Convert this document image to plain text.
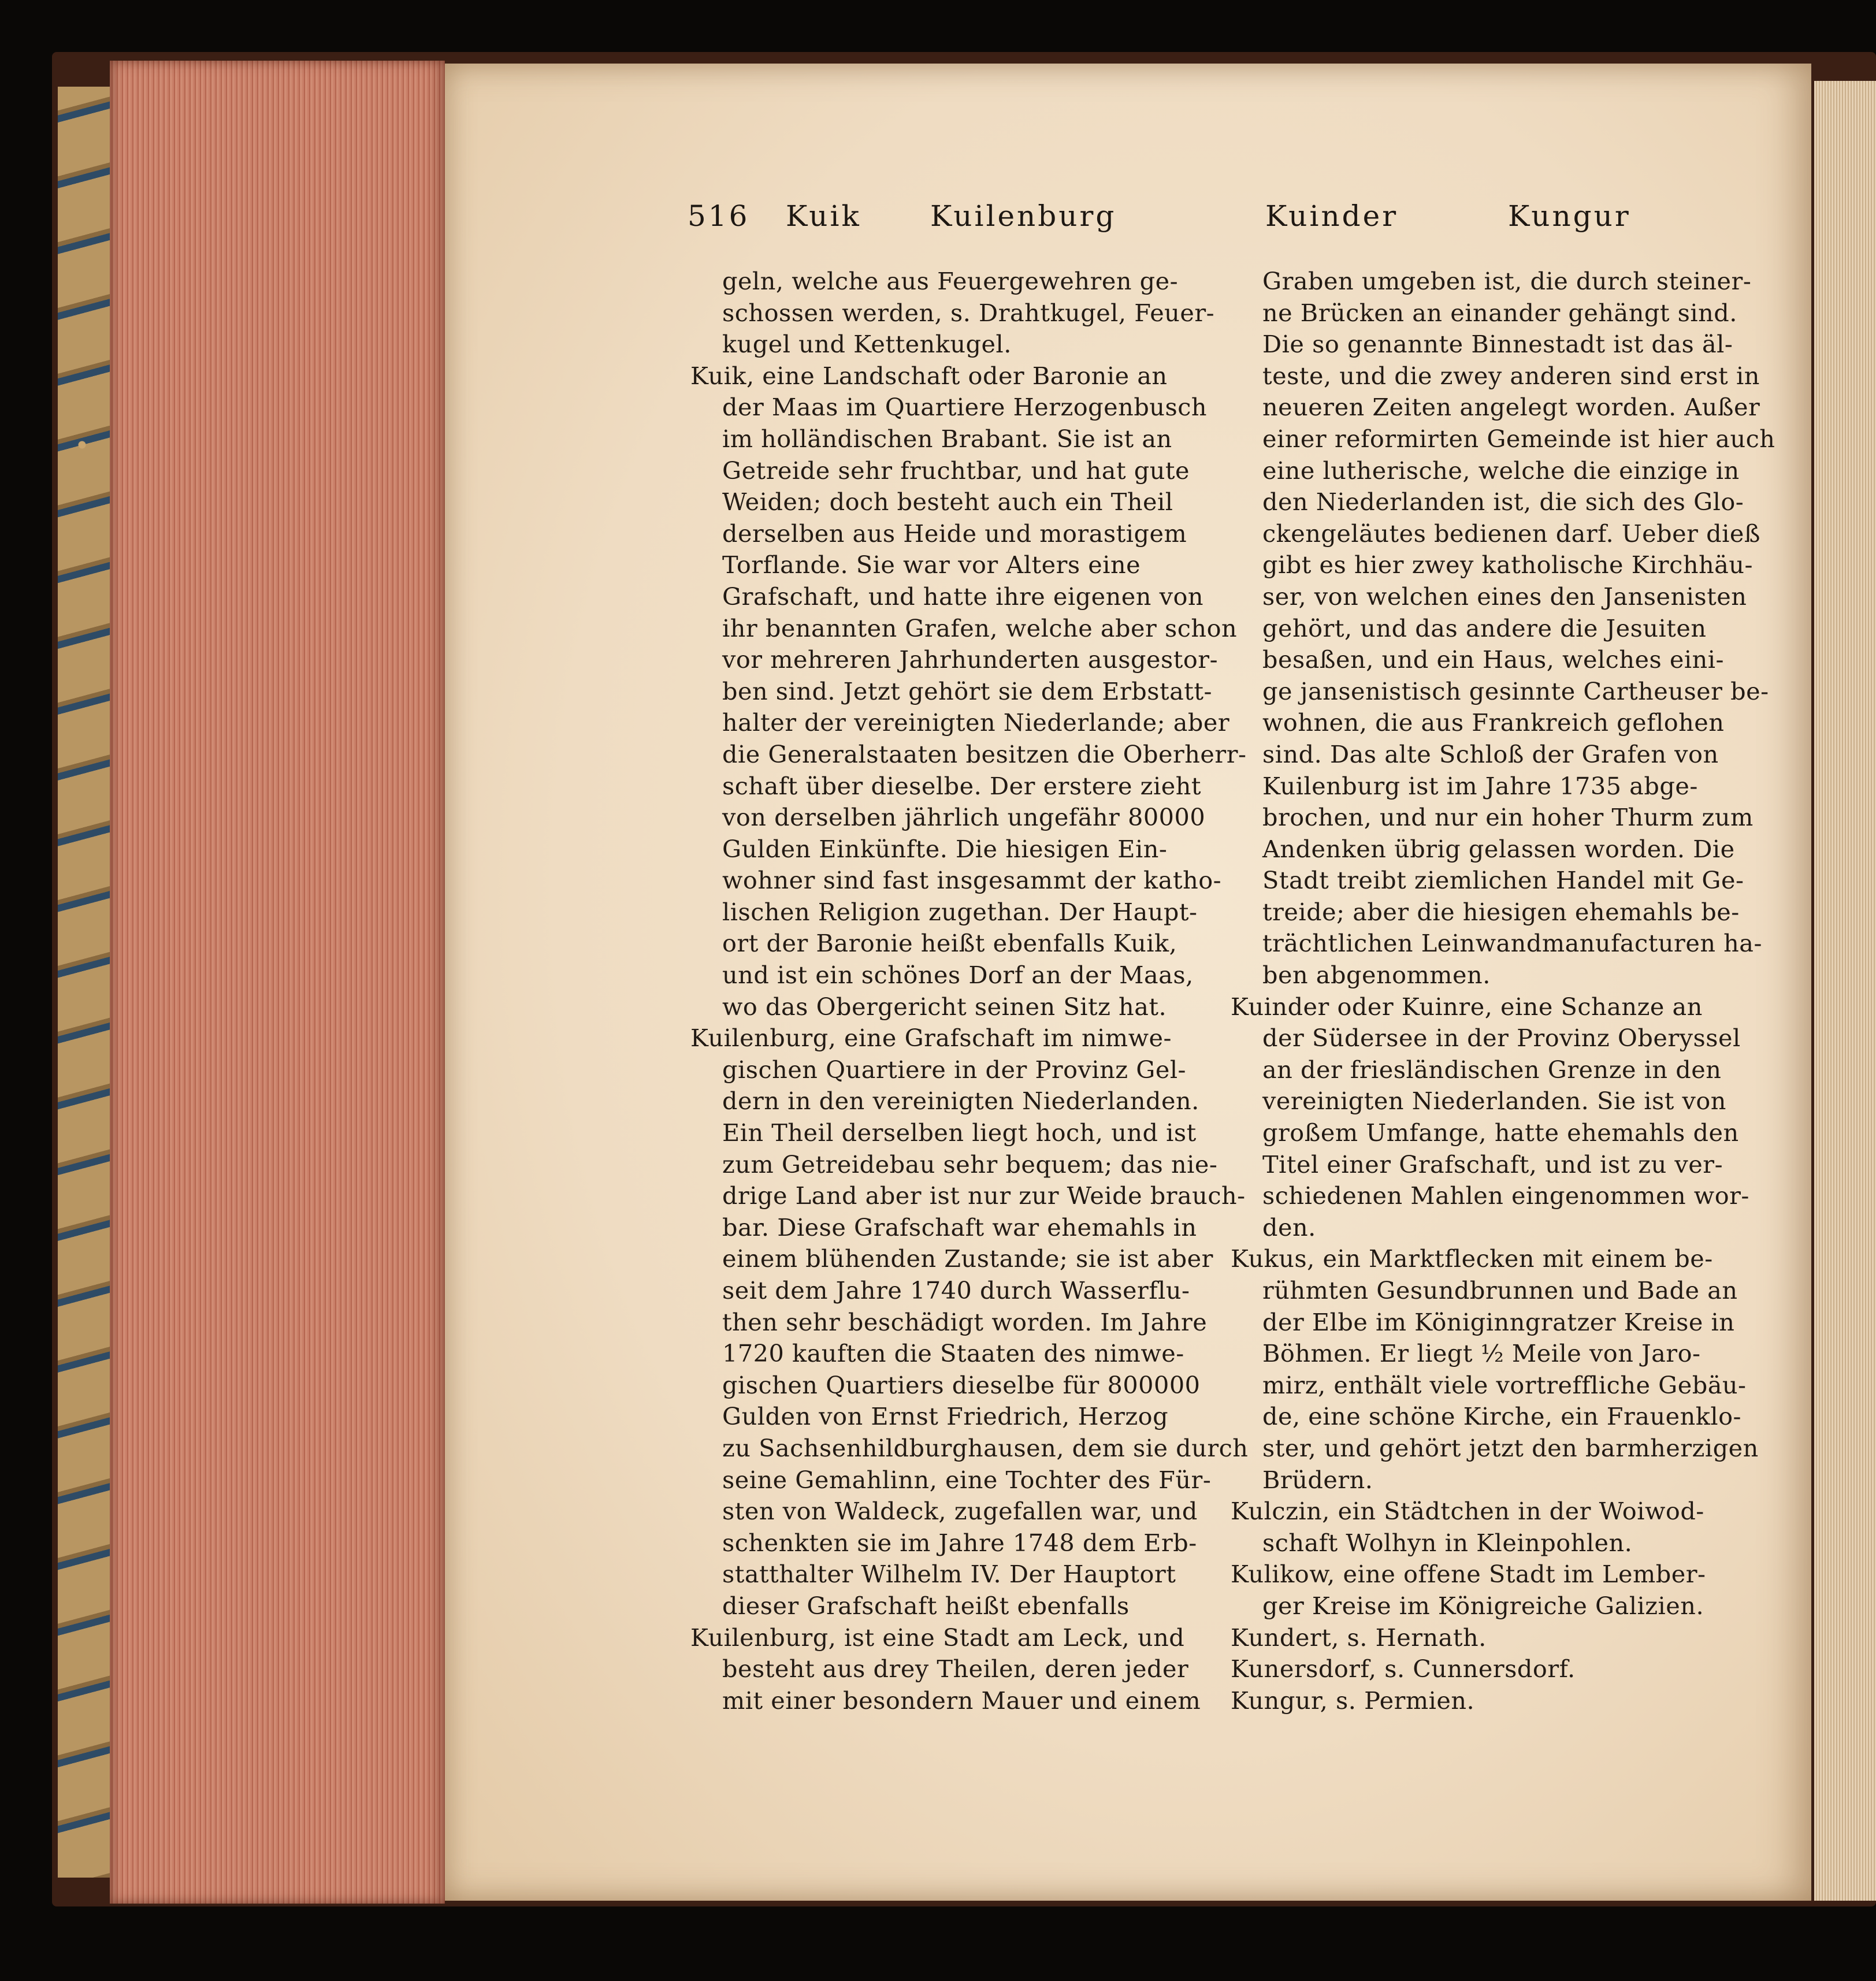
516 Kuik Kuilenburg	Kuinder	Kungur
geln, welche aus Feuergewehren ge-
schossen werden, s. Drahtkugel, Feuer-
kugel und Kettenkugel.
Kuik, eine Landschaft oder Baronie an
der Maas im Quartiere Herzogenbusch
im holländischen Brabant. Sie ist an
Getreide sehr fruchtbar, und hat gute
Weiden; doch besteht auch ein Theil
derselben aus Heide und morastigem
Torflande. Sie war vor Alters eine
Grafschaft, und hatte ihre eigenen von
ihr benannten Grafen, welche aber schon
vor mehreren Jahrhunderten ausgestor-
ben sind. Jetzt gehört sie dem Erbstatt-
halter der vereinigten Niederlande; aber
die Generalstaaten besitzen die Oberherr-
schaft über dieselbe. Der erstere zieht
von derselben jährlich ungefähr 80000
Gulden Einkünfte. Die hiesigen Ein-
wohner sind fast insgesammt der katho-
lischen Religion zugethan. Der Haupt-
ort der Baronie heißt ebenfalls Kuik,
und ist ein schönes Dorf an der Maas,
wo das Obergericht seinen Sitz hat.
Kuilenburg, eine Grafschaft im nimwe-
gischen Quartiere in der Provinz Gel-
dern in den vereinigten Niederlanden.
Ein Theil derselben liegt hoch, und ist
zum Getreidebau sehr bequem; das nie-
drige Land aber ist nur zur Weide brauch-
bar. Diese Grafschaft war ehemahls in
einem blühenden Zustande; sie ist aber
seit dem Jahre 1740 durch Wasserflu-
then sehr beschädigt worden. Im Jahre
1720 kauften die Staaten des nimwe-
gischen Quartiers dieselbe für 800000
Gulden von Ernst Friedrich, Herzog
zu Sachsenhildburghausen, dem sie durch
seine Gemahlinn, eine Tochter des Für-
sten von Waldeck, zugefallen war, und
schenkten sie im Jahre 1748 dem Erb-
statthalter Wilhelm IV. Der Hauptort
dieser Grafschaft heißt ebenfalls
Kuilenburg, ist eine Stadt am Leck, und
besteht aus drey Theilen, deren jeder
mit einer besondern Mauer und einem
Graben umgeben ist, die durch steiner-
ne Brücken an einander gehängt sind.
Die so genannte Binnestadt ist das äl-
teste, und die zwey anderen sind erst in
neueren Zeiten angelegt worden. Außer
einer reformirten Gemeinde ist hier auch
eine lutherische, welche die einzige in
den Niederlanden ist, die sich des Glo-
ckengeläutes bedienen darf. Ueber dieß
gibt es hier zwey katholische Kirchhäu-
ser, von welchen eines den Jansenisten
gehört, und das andere die Jesuiten
besaßen, und ein Haus, welches eini-
ge jansenistisch gesinnte Cartheuser be-
wohnen, die aus Frankreich geflohen
sind. Das alte Schloß der Grafen von
Kuilenburg ist im Jahre 1735 abge-
brochen, und nur ein hoher Thurm zum
Andenken übrig gelassen worden. Die
Stadt treibt ziemlichen Handel mit Ge-
treide; aber die hiesigen ehemahls be-
trächtlichen Leinwandmanufacturen ha-
ben abgenommen.
Kuinder oder Kuinre, eine Schanze an
der Südersee in der Provinz Oberyssel
an der friesländischen Grenze in den
vereinigten Niederlanden. Sie ist von
großem Umfange, hatte ehemahls den
Titel einer Grafschaft, und ist zu ver-
schiedenen Mahlen eingenommen wor-
den.
Kukus, ein Marktflecken mit einem be-
rühmten Gesundbrunnen und Bade an
der Elbe im Königinngratzer Kreise in
Böhmen. Er liegt ½ Meile von Jaro-
mirz, enthält viele vortreffliche Gebäu-
de, eine schöne Kirche, ein Frauenklo-
ster, und gehört jetzt den barmherzigen
Brüdern.
Kulczin, ein Städtchen in der Woiwod-
schaft Wolhyn in Kleinpohlen.
Kulikow, eine offene Stadt im Lember-
ger Kreise im Königreiche Galizien.
Kundert, s. Hernath.
Kunersdorf, s. Cunnersdorf.
Kungur, s. Permien.
